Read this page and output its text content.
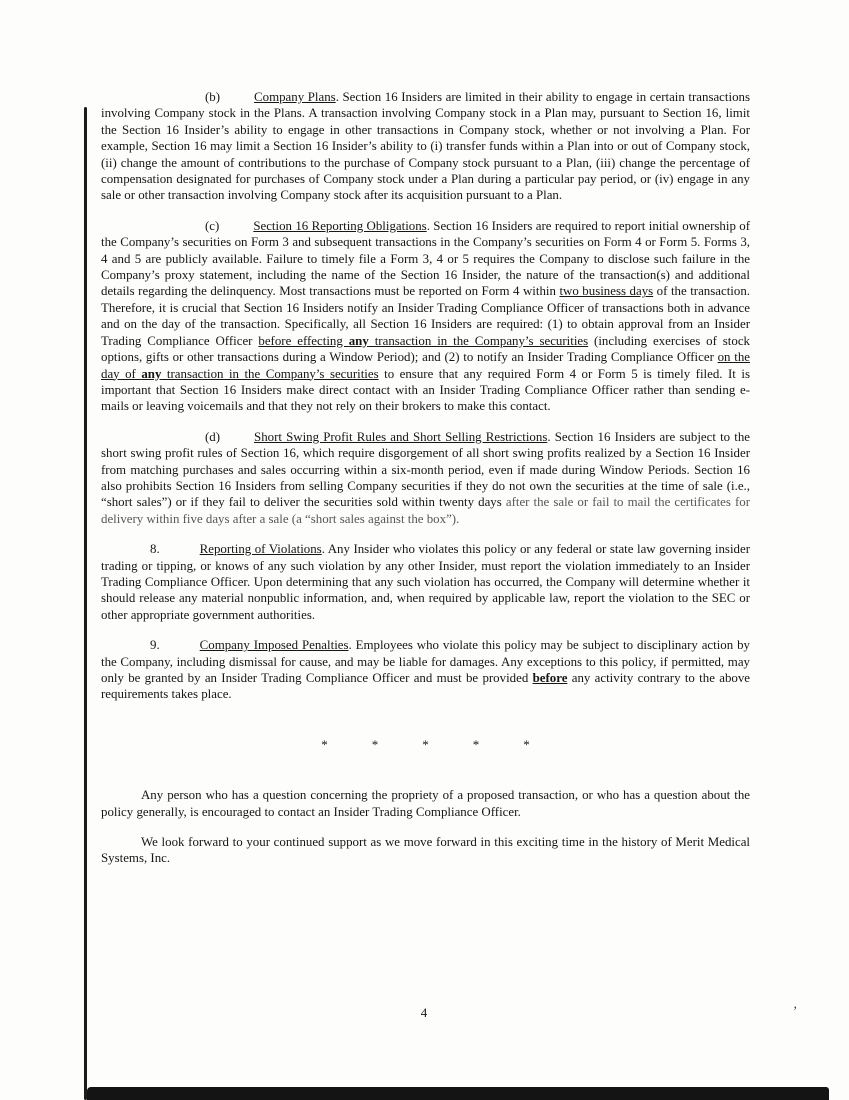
(b)	Company Plans. Section 16 Insiders are limited in their ability to engage in certain transactions involving Company stock in the Plans. A transaction involving Company stock in a Plan may, pursuant to Section 16, limit the Section 16 Insider’s ability to engage in other transactions in Company stock, whether or not involving a Plan. For example, Section 16 may limit a Section 16 Insider’s ability to (i) transfer funds within a Plan into or out of Company stock, (ii) change the amount of contributions to the purchase of Company stock pursuant to a Plan, (iii) change the percentage of compensation designated for purchases of Company stock under a Plan during a particular pay period, or (iv) engage in any sale or other transaction involving Company stock after its acquisition pursuant to a Plan.

(c)	Section 16 Reporting Obligations. Section 16 Insiders are required to report initial ownership of the Company’s securities on Form 3 and subsequent transactions in the Company’s securities on Form 4 or Form 5. Forms 3, 4 and 5 are publicly available. Failure to timely file a Form 3, 4 or 5 requires the Company to disclose such failure in the Company’s proxy statement, including the name of the Section 16 Insider, the nature of the transaction(s) and additional details regarding the delinquency. Most transactions must be reported on Form 4 within two business days of the transaction. Therefore, it is crucial that Section 16 Insiders notify an Insider Trading Compliance Officer of transactions both in advance and on the day of the transaction. Specifically, all Section 16 Insiders are required: (1) to obtain approval from an Insider Trading Compliance Officer before effecting any transaction in the Company’s securities (including exercises of stock options, gifts or other transactions during a Window Period); and (2) to notify an Insider Trading Compliance Officer on the day of any transaction in the Company’s securities to ensure that any required Form 4 or Form 5 is timely filed. It is important that Section 16 Insiders make direct contact with an Insider Trading Compliance Officer rather than sending e-mails or leaving voicemails and that they not rely on their brokers to make this contact.

(d)	Short Swing Profit Rules and Short Selling Restrictions. Section 16 Insiders are subject to the short swing profit rules of Section 16, which require disgorgement of all short swing profits realized by a Section 16 Insider from matching purchases and sales occurring within a six-month period, even if made during Window Periods. Section 16 also prohibits Section 16 Insiders from selling Company securities if they do not own the securities at the time of sale (i.e., “short sales”) or if they fail to deliver the securities sold within twenty days after the sale or fail to mail the certificates for delivery within five days after a sale (a “short sales against the box”).

8.	Reporting of Violations. Any Insider who violates this policy or any federal or state law governing insider trading or tipping, or knows of any such violation by any other Insider, must report the violation immediately to an Insider Trading Compliance Officer. Upon determining that any such violation has occurred, the Company will determine whether it should release any material nonpublic information, and, when required by applicable law, report the violation to the SEC or other appropriate government authorities.

9.	Company Imposed Penalties. Employees who violate this policy may be subject to disciplinary action by the Company, including dismissal for cause, and may be liable for damages. Any exceptions to this policy, if permitted, may only be granted by an Insider Trading Compliance Officer and must be provided before any activity contrary to the above requirements takes place.

*	*	*	*	*

Any person who has a question concerning the propriety of a proposed transaction, or who has a question about the policy generally, is encouraged to contact an Insider Trading Compliance Officer.

We look forward to your continued support as we move forward in this exciting time in the history of Merit Medical Systems, Inc.

4	’
